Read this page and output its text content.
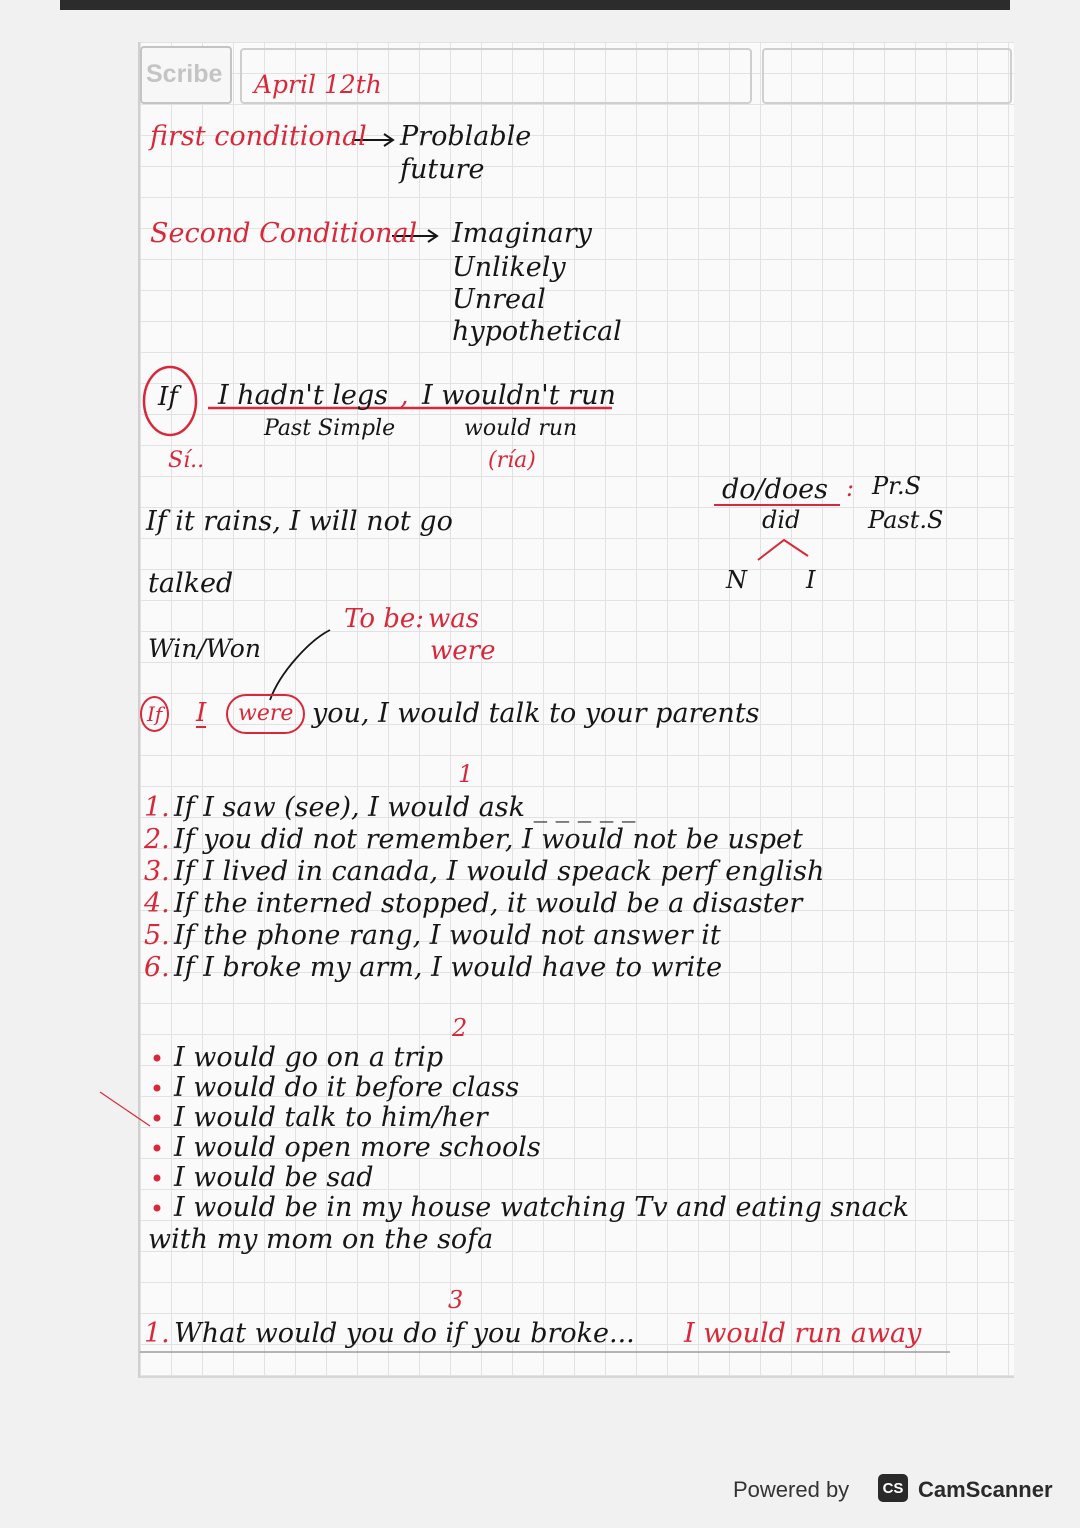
Scribe April 12th
first conditional Problable
future
Second Conditional Imaginary
Unlikely
Unreal
hypothetical
If I hadn't legs , I wouldn't run
Past Simple	would run
(ría)
Sí..
do/does : Pr.S
did	Past.S
N I
If it rains, I will not go
talked
To be: was
were
Win/Won
If I	were you, I would talk to your parents
1
1. If I saw (see), I would ask _ _ _ _ _
2. If you did not remember, I would not be uspet
3. If I lived in canada, I would speack perf english
4. If the interned stopped, it would be a disaster
5. If the phone rang, I would not answer it
6. If I broke my arm, I would have to write
2
I would go on a trip
I would do it before class
I would talk to him/her
I would open more schools
I would be sad
I would be in my house watching Tv and eating snack
with my mom on the sofa
3
1. What would you do if you broke... I would run away
Powered by	CS CamScanner
